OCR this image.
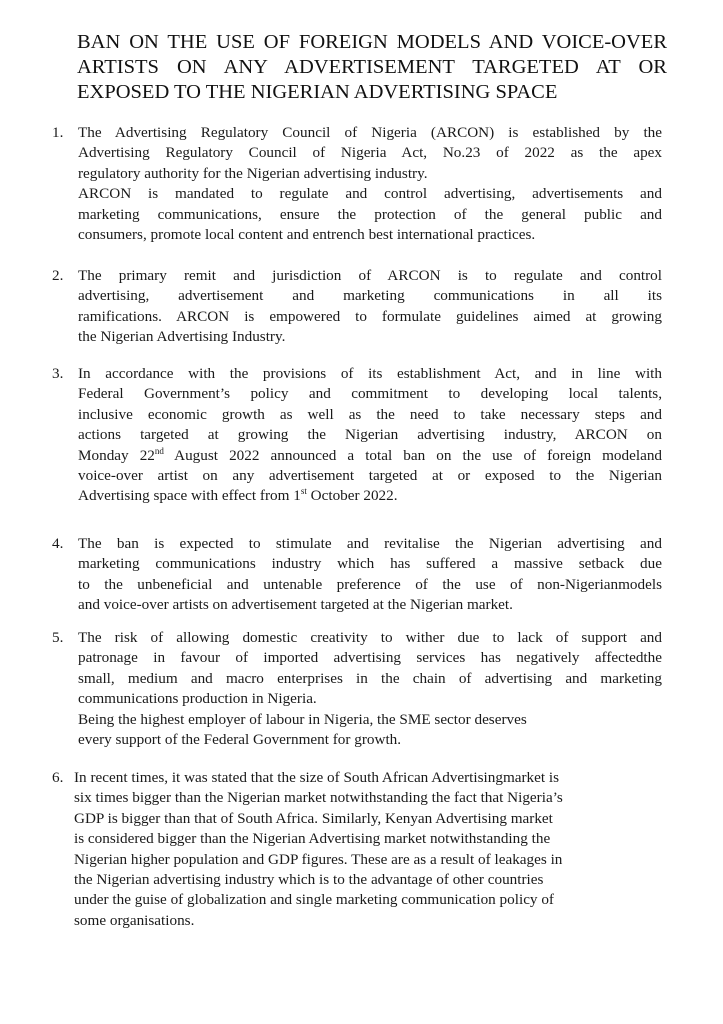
BAN ON THE USE OF FOREIGN MODELS AND VOICE-OVER
ARTISTS ON ANY ADVERTISEMENT TARGETED AT OR
EXPOSED TO THE NIGERIAN ADVERTISING SPACE
1. The Advertising Regulatory Council of Nigeria (ARCON) is established by the
Advertising Regulatory Council of Nigeria Act, No.23 of 2022 as the apex
regulatory authority for the Nigerian advertising industry.
ARCON is mandated to regulate and control advertising, advertisements and
marketing communications, ensure the protection of the general public and
consumers, promote local content and entrench best international practices.
2. The primary remit and jurisdiction of ARCON is to regulate and control
advertising, advertisement and marketing communications in all its
ramifications. ARCON is empowered to formulate guidelines aimed at growing
the Nigerian Advertising Industry.
3. In accordance with the provisions of its establishment Act, and in line with
Federal Government’s policy and commitment to developing local talents,
inclusive economic growth as well as the need to take necessary steps and
actions targeted at growing the Nigerian advertising industry, ARCON on
Monday 22nd August 2022 announced a total ban on the use of foreign modeland
voice-over artist on any advertisement targeted at or exposed to the Nigerian
Advertising space with effect from 1st October 2022.
4. The ban is expected to stimulate and revitalise the Nigerian advertising and
marketing communications industry which has suffered a massive setback due
to the unbeneficial and untenable preference of the use of non-Nigerianmodels
and voice-over artists on advertisement targeted at the Nigerian market.
5. The risk of allowing domestic creativity to wither due to lack of support and
patronage in favour of imported advertising services has negatively affectedthe
small, medium and macro enterprises in the chain of advertising and marketing
communications production in Nigeria.
Being the highest employer of labour in Nigeria, the SME sector deserves
every support of the Federal Government for growth.
6. In recent times, it was stated that the size of South African Advertisingmarket is
six times bigger than the Nigerian market notwithstanding the fact that Nigeria’s
GDP is bigger than that of South Africa. Similarly, Kenyan Advertising market
is considered bigger than the Nigerian Advertising market notwithstanding the
Nigerian higher population and GDP figures. These are as a result of leakages in
the Nigerian advertising industry which is to the advantage of other countries
under the guise of globalization and single marketing communication policy of
some organisations.
